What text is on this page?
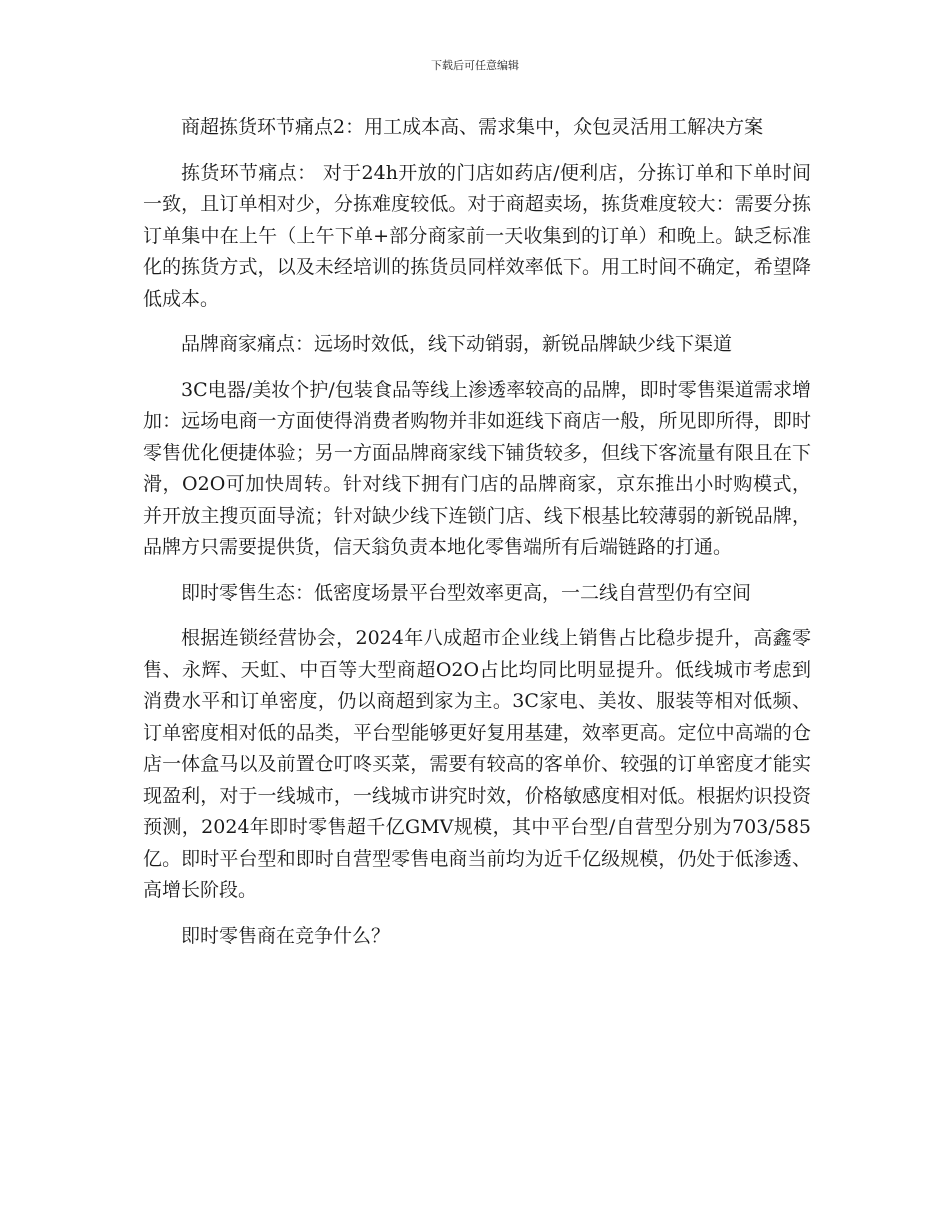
下载后可任意编辑

商超拣货环节痛点2：用工成本高、需求集中，众包灵活用工解决方案

拣货环节痛点： 对于24h开放的门店如药店/便利店，分拣订单和下单时间一致，且订单相对少，分拣难度较低。对于商超卖场，拣货难度较大：需要分拣订单集中在上午（上午下单+部分商家前一天收集到的订单）和晚上。缺乏标准化的拣货方式，以及未经培训的拣货员同样效率低下。用工时间不确定，希望降低成本。

品牌商家痛点：远场时效低，线下动销弱，新锐品牌缺少线下渠道

3C电器/美妆个护/包装食品等线上渗透率较高的品牌，即时零售渠道需求增加：远场电商一方面使得消费者购物并非如逛线下商店一般，所见即所得，即时零售优化便捷体验；另一方面品牌商家线下铺货较多，但线下客流量有限且在下滑，O2O可加快周转。针对线下拥有门店的品牌商家，京东推出小时购模式，并开放主搜页面导流；针对缺少线下连锁门店、线下根基比较薄弱的新锐品牌，品牌方只需要提供货，信天翁负责本地化零售端所有后端链路的打通。

即时零售生态：低密度场景平台型效率更高，一二线自营型仍有空间

根据连锁经营协会，2024年八成超市企业线上销售占比稳步提升，高鑫零售、永辉、天虹、中百等大型商超O2O占比均同比明显提升。低线城市考虑到消费水平和订单密度，仍以商超到家为主。3C家电、美妆、服装等相对低频、订单密度相对低的品类，平台型能够更好复用基建，效率更高。定位中高端的仓店一体盒马以及前置仓叮咚买菜，需要有较高的客单价、较强的订单密度才能实现盈利，对于一线城市，一线城市讲究时效，价格敏感度相对低。根据灼识投资预测，2024年即时零售超千亿GMV规模，其中平台型/自营型分别为703/585亿。即时平台型和即时自营型零售电商当前均为近千亿级规模，仍处于低渗透、高增长阶段。

即时零售商在竞争什么？
